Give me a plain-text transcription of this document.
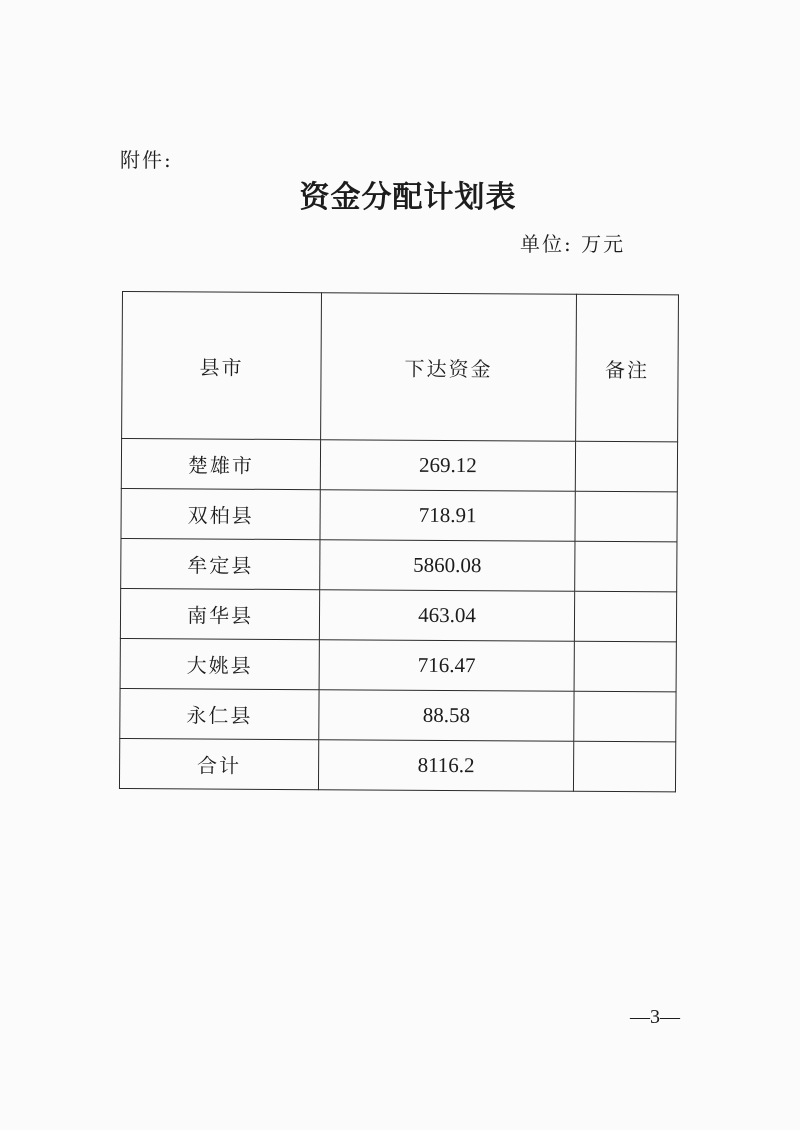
附件:
资金分配计划表
单位: 万元
县市	下达资金	备注
楚雄市	269.12	
双柏县	718.91	
牟定县	5860.08	
南华县	463.04	
大姚县	716.47	
永仁县	88.58	
合计	8116.2	
—3—
